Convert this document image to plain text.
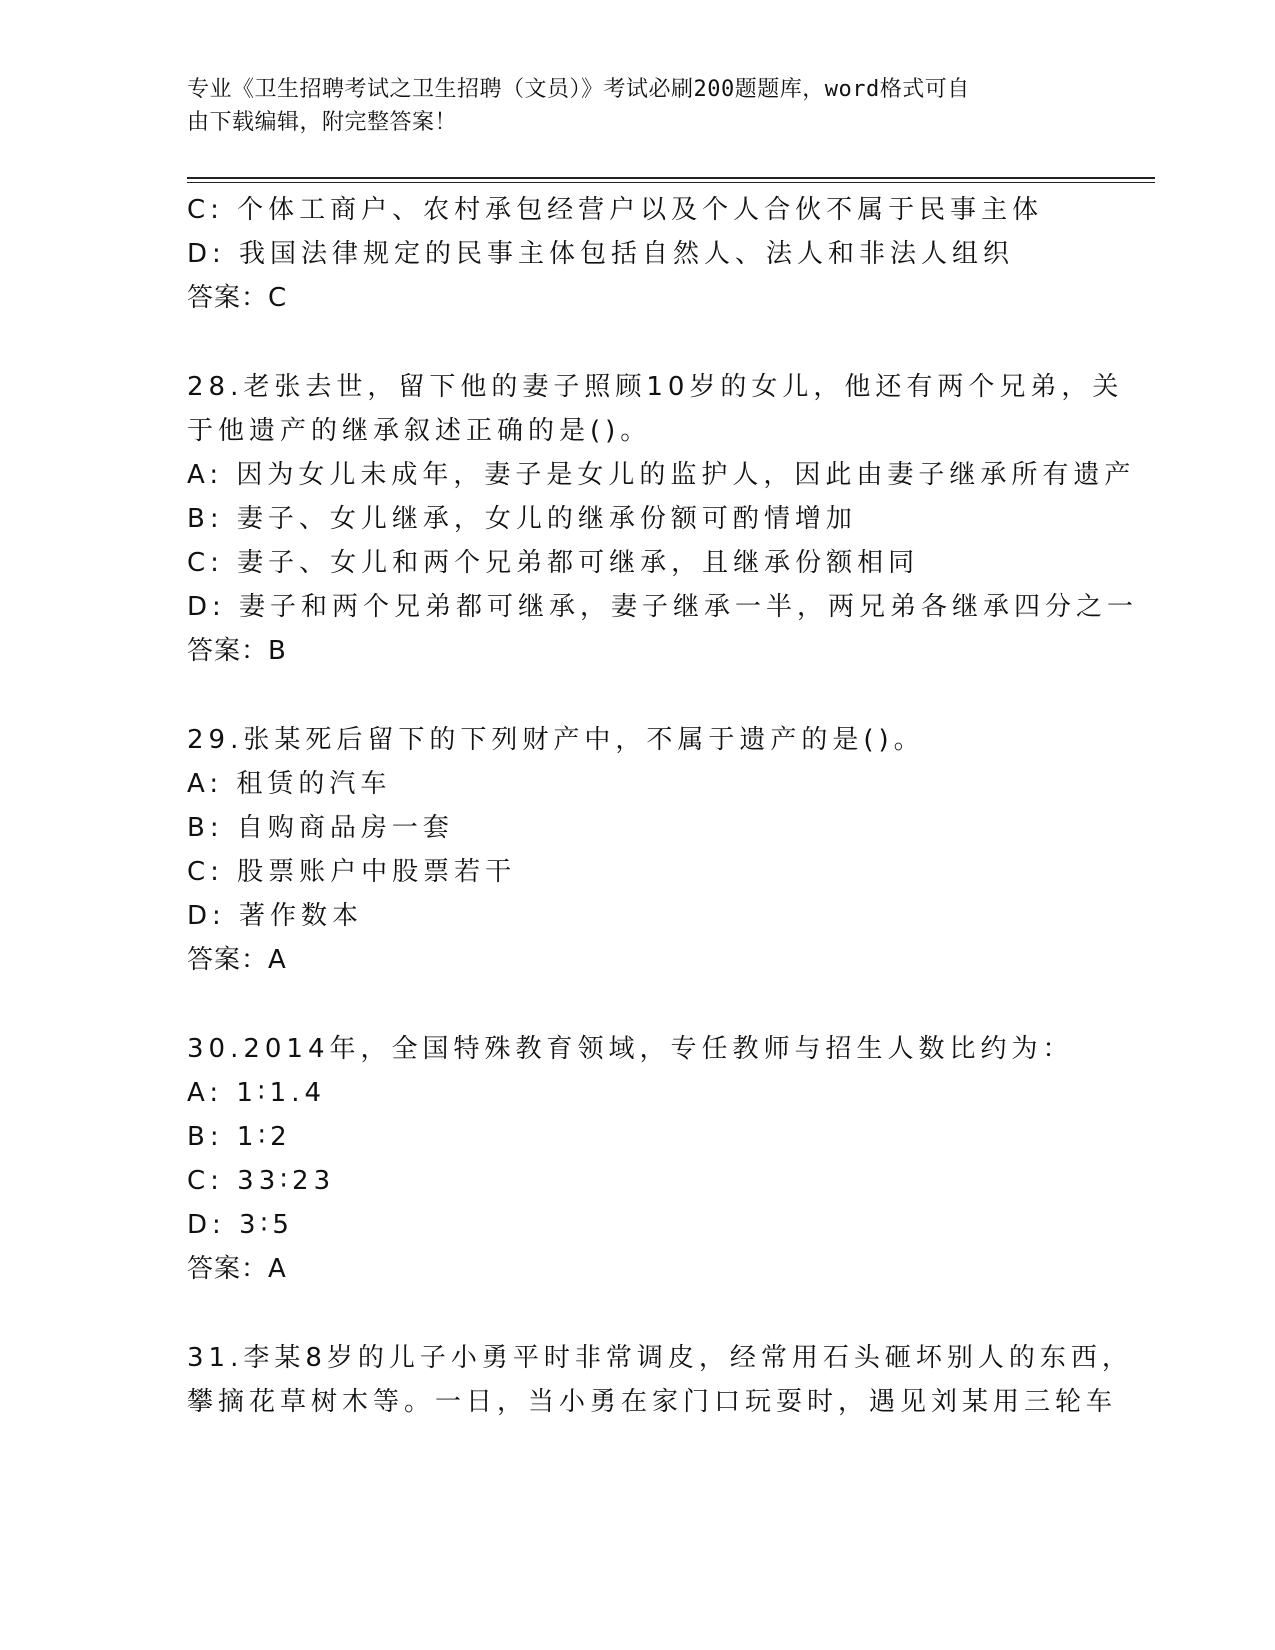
专业《卫生招聘考试之卫生招聘（文员）》考试必刷200题题库，word格式可自
由下载编辑，附完整答案！
C: 个体工商户、农村承包经营户以及个人合伙不属于民事主体
D: 我国法律规定的民事主体包括自然人、法人和非法人组织
答案：C
28.老张去世，留下他的妻子照顾10岁的女儿，他还有两个兄弟，关
于他遗产的继承叙述正确的是()。
A: 因为女儿未成年，妻子是女儿的监护人，因此由妻子继承所有遗产
B: 妻子、女儿继承，女儿的继承份额可酌情增加
C: 妻子、女儿和两个兄弟都可继承，且继承份额相同
D: 妻子和两个兄弟都可继承，妻子继承一半，两兄弟各继承四分之一
答案：B
29.张某死后留下的下列财产中，不属于遗产的是()。
A: 租赁的汽车
B: 自购商品房一套
C: 股票账户中股票若干
D: 著作数本
答案：A
30.2014年，全国特殊教育领域，专任教师与招生人数比约为：
A: 1∶1.4
B: 1∶2
C: 33∶23
D: 3∶5
答案：A
31.李某8岁的儿子小勇平时非常调皮，经常用石头砸坏别人的东西，
攀摘花草树木等。一日，当小勇在家门口玩耍时，遇见刘某用三轮车
